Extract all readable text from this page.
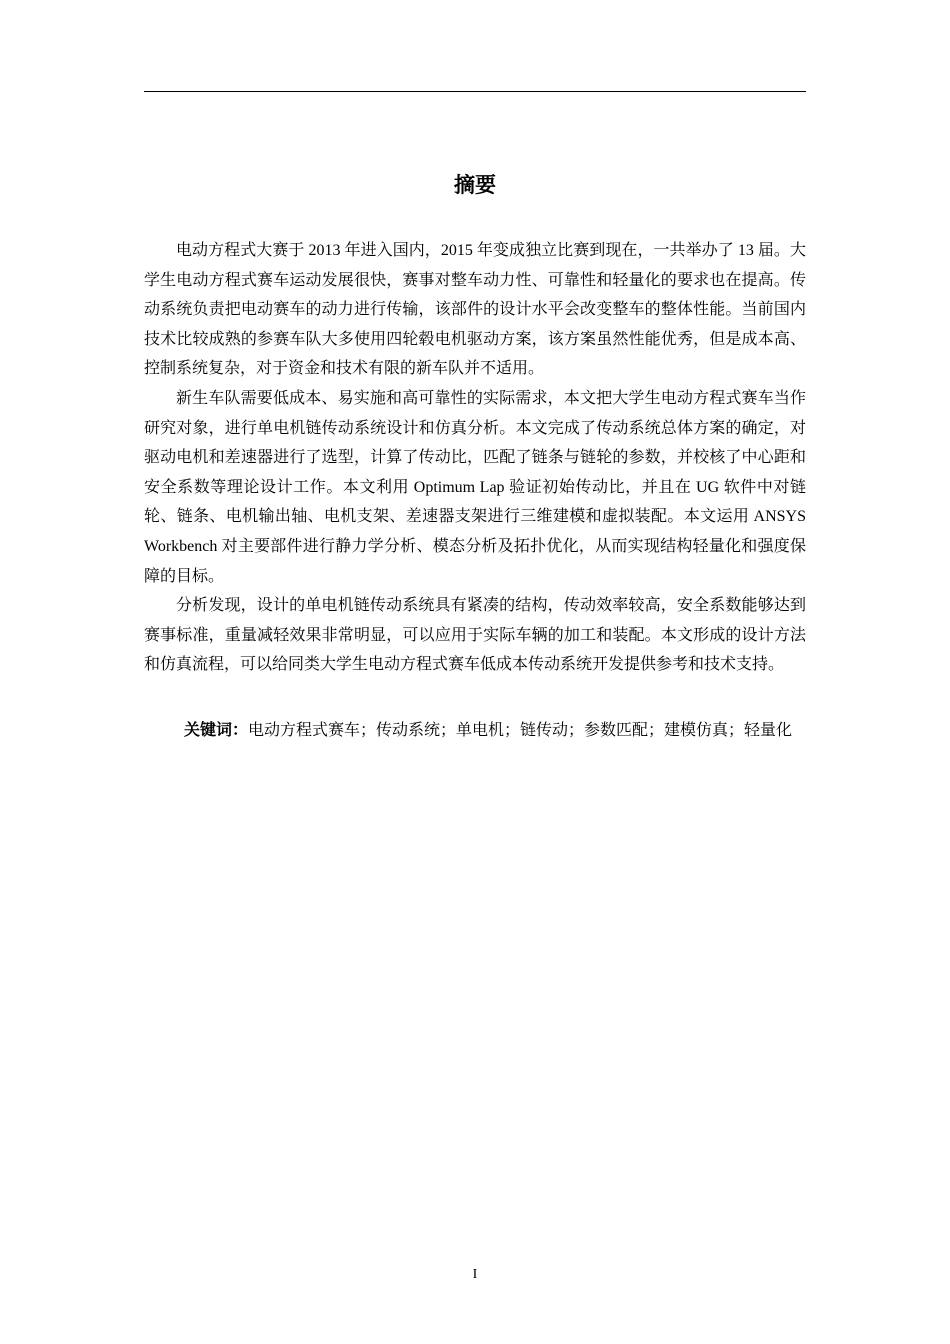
摘要

电动方程式大赛于 2013 年进入国内，2015 年变成独立比赛到现在，一共举办了 13 届。大学生电动方程式赛车运动发展很快，赛事对整车动力性、可靠性和轻量化的要求也在提高。传动系统负责把电动赛车的动力进行传输，该部件的设计水平会改变整车的整体性能。当前国内技术比较成熟的参赛车队大多使用四轮毂电机驱动方案，该方案虽然性能优秀，但是成本高、控制系统复杂，对于资金和技术有限的新车队并不适用。

新生车队需要低成本、易实施和高可靠性的实际需求，本文把大学生电动方程式赛车当作研究对象，进行单电机链传动系统设计和仿真分析。本文完成了传动系统总体方案的确定，对驱动电机和差速器进行了选型，计算了传动比，匹配了链条与链轮的参数，并校核了中心距和安全系数等理论设计工作。本文利用 Optimum Lap 验证初始传动比，并且在 UG 软件中对链轮、链条、电机输出轴、电机支架、差速器支架进行三维建模和虚拟装配。本文运用 ANSYS Workbench 对主要部件进行静力学分析、模态分析及拓扑优化，从而实现结构轻量化和强度保障的目标。

分析发现，设计的单电机链传动系统具有紧凑的结构，传动效率较高，安全系数能够达到赛事标准，重量减轻效果非常明显，可以应用于实际车辆的加工和装配。本文形成的设计方法和仿真流程，可以给同类大学生电动方程式赛车低成本传动系统开发提供参考和技术支持。

关键词：电动方程式赛车；传动系统；单电机；链传动；参数匹配；建模仿真；轻量化

I
